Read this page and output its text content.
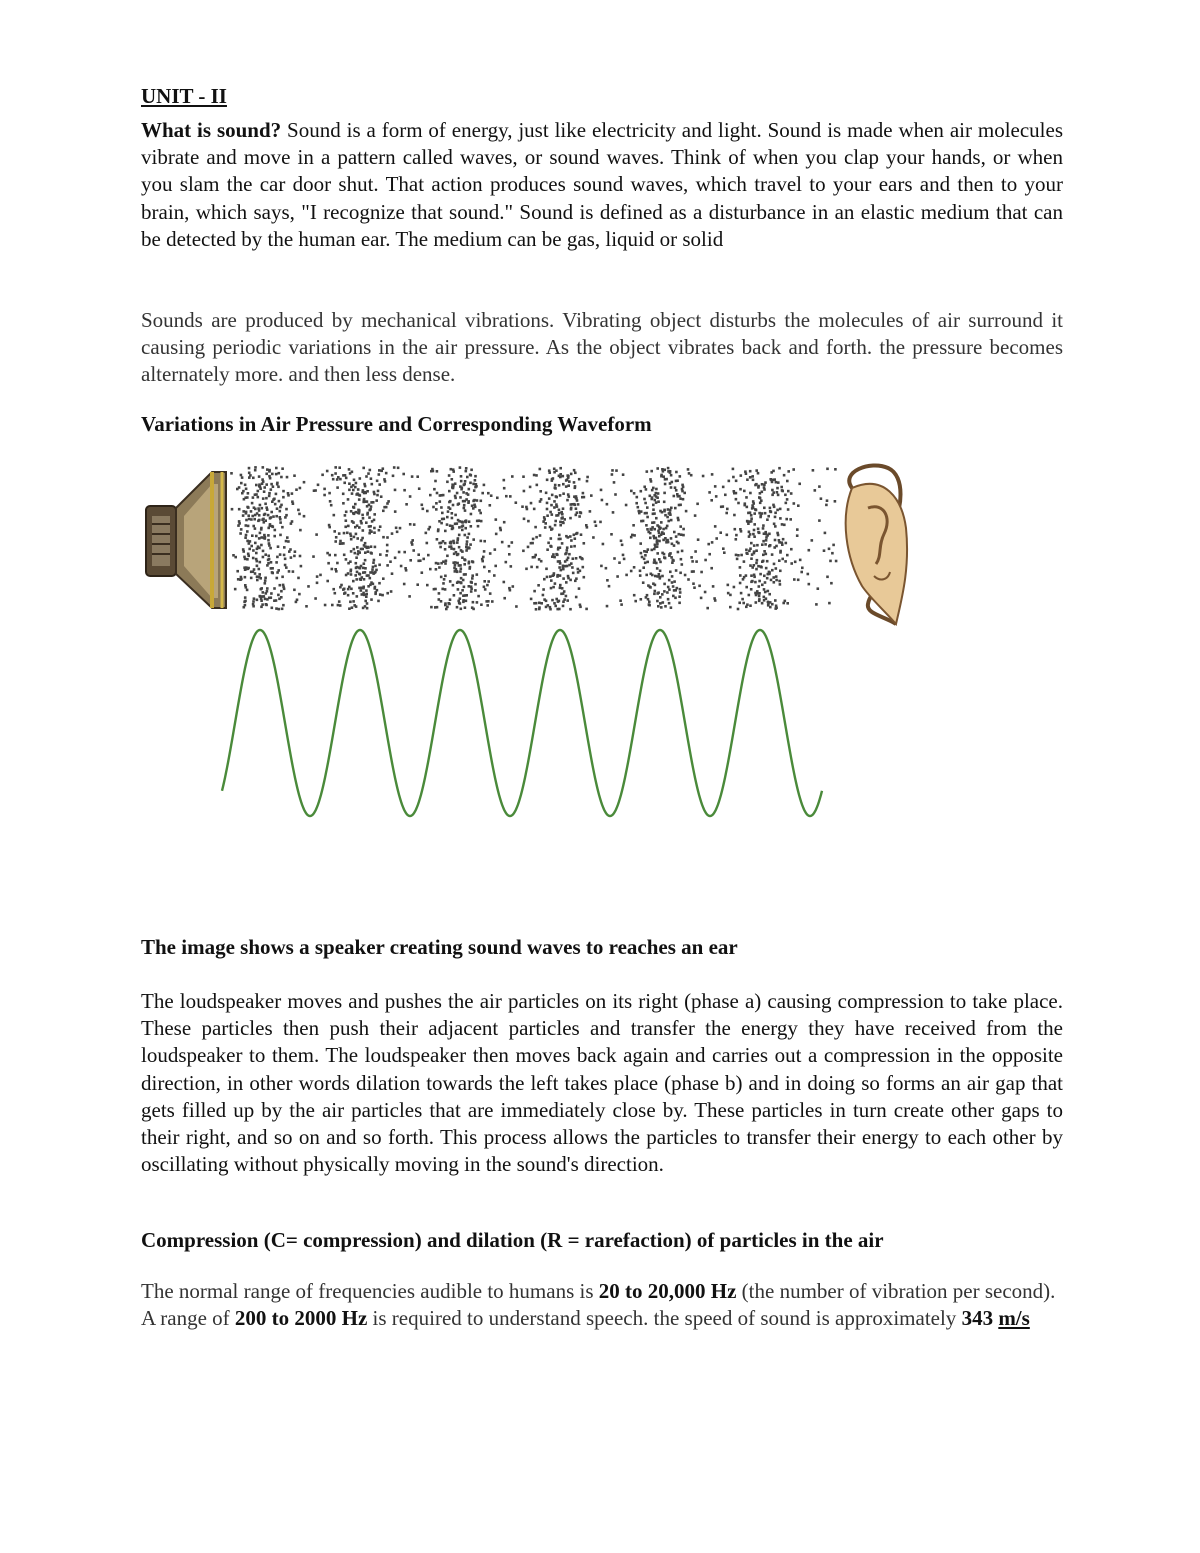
UNIT - II
What is sound? Sound is a form of energy, just like electricity and light. Sound is made when air molecules vibrate and move in a pattern called waves, or sound waves. Think of when you clap your hands, or when you slam the car door shut. That action produces sound waves, which travel to your ears and then to your brain, which says, "I recognize that sound." Sound is defined as a disturbance in an elastic medium that can be detected by the human ear. The medium can be gas, liquid or solid
Sounds are produced by mechanical vibrations. Vibrating object disturbs the molecules of air surround it causing periodic variations in the air pressure. As the object vibrates back and forth. the pressure becomes alternately more. and then less dense.
Variations in Air Pressure and Corresponding Waveform
The image shows a speaker creating sound waves to reaches an ear
The loudspeaker moves and pushes the air particles on its right (phase a) causing compression to take place. These particles then push their adjacent particles and transfer the energy they have received from the loudspeaker to them. The loudspeaker then moves back again and carries out a compression in the opposite direction, in other words dilation towards the left takes place (phase b) and in doing so forms an air gap that gets filled up by the air particles that are immediately close by. These particles in turn create other gaps to their right, and so on and so forth. This process allows the particles to transfer their energy to each other by oscillating without physically moving in the sound's direction.
Compression (C= compression) and dilation (R = rarefaction) of particles in the air
The normal range of frequencies audible to humans is 20 to 20,000 Hz (the number of vibration per second). A range of 200 to 2000 Hz is required to understand speech. the speed of sound is approximately 343 m/s
